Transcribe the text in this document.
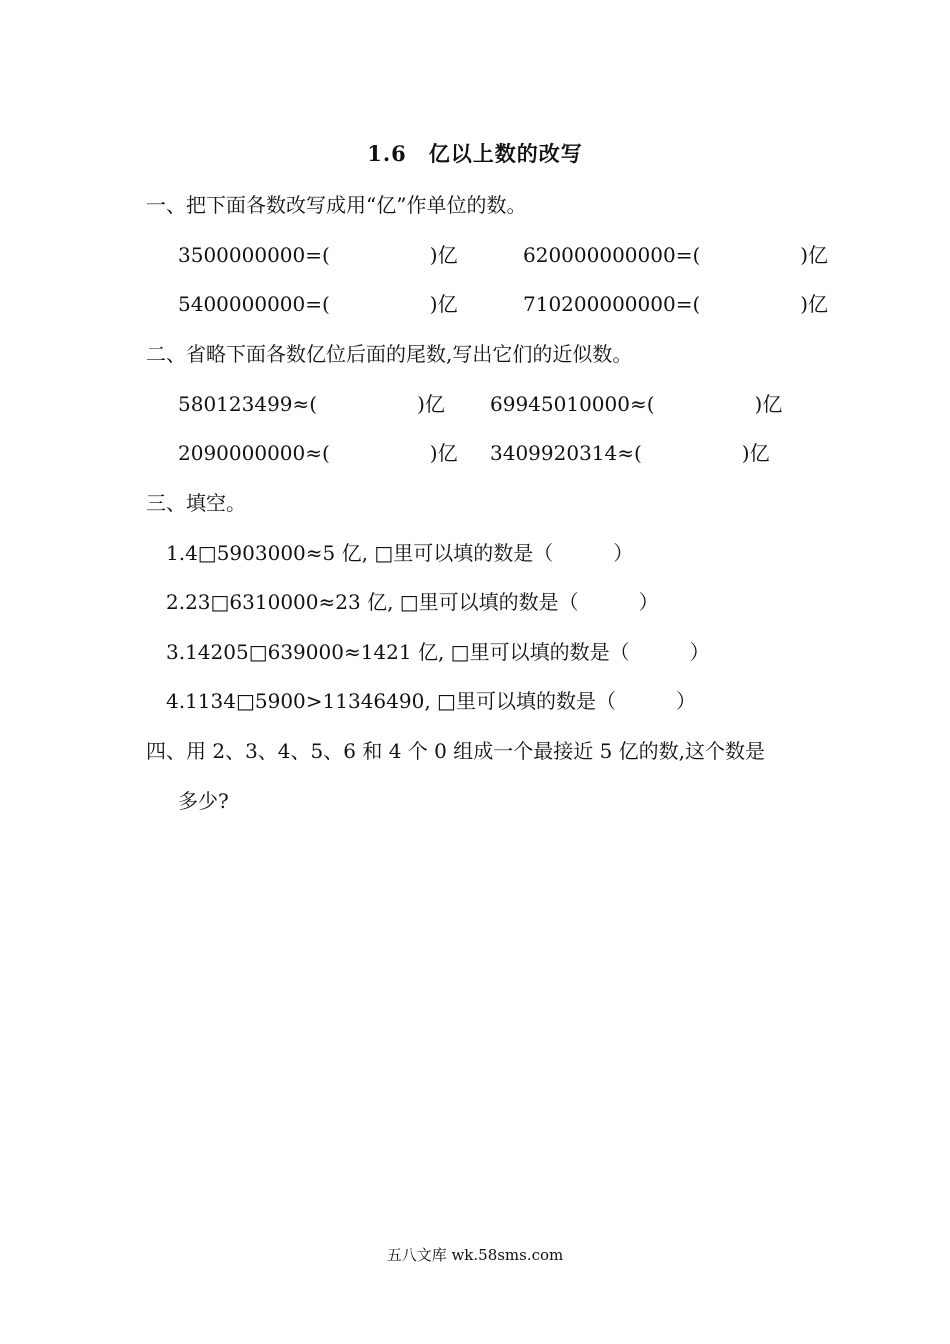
1.6　亿以上数的改写
一、把下面各数改写成用“亿”作单位的数。
3500000000=(　　　　　)亿	620000000000=(　　　　　)亿
5400000000=(　　　　　)亿	710200000000=(　　　　　)亿
二、省略下面各数亿位后面的尾数,写出它们的近似数。
580123499≈(　　　　　)亿 69945010000≈(　　　　　)亿
2090000000≈(　　　　　)亿 3409920314≈(　　　　　)亿
三、填空。
1.4□5903000≈5 亿, □里可以填的数是（　　　）
2.23□6310000≈23 亿, □里可以填的数是（　　　）
3.14205□639000≈1421 亿, □里可以填的数是（　　　）
4.1134□5900>11346490, □里可以填的数是（　　　）
四、用 2、3、4、5、6 和 4 个 0 组成一个最接近 5 亿的数,这个数是
多少?
五八文库 wk.58sms.com
